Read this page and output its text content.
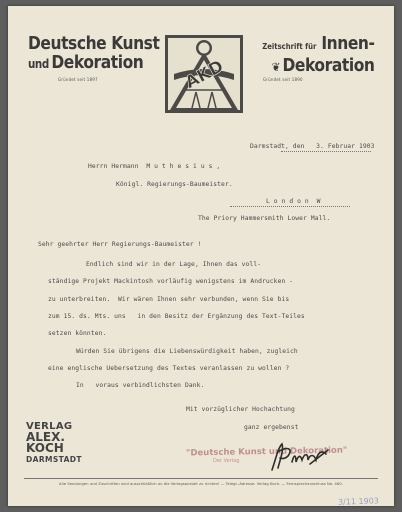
Deutsche Kunst
und Dekoration
Gründet seit 1897	AKD
Zeitschrift für Innen-
❦ Dekoration
Gründet seit 1890
Darmstadt, den   3. Februar 1903
Herrn Hermann  M u t h e s i u s ,
Königl. Regierungs-Baumeister.
L o n d o n  W
The Priory Hammersmith Lower Mall.
Sehr geehrter Herr Regierungs-Baumeister !
Endlich sind wir in der Lage, Ihnen das voll-
ständige Projekt Mackintosh vorläufig wenigstens im Andrucken -
zu unterbreiten.  Wir wären Ihnen sehr verbunden, wenn Sie bis
zum 15. ds. Mts. uns   in den Besitz der Ergänzung des Text-Teiles
setzen könnten.
Würden Sie übrigens die Liebenswürdigkeit haben, zugleich
eine englische Uebersetzung des Textes veranlassen zu wollen ?
In   voraus verbindlichsten Dank.
Mit vorzüglicher Hochachtung
ganz ergebenst
"Deutsche Kunst und Dekoration"
Der Verlag
VERLAG
ALEX.
KOCH
DARMSTADT
Alle Sendungen und Zuschriften sind ausschließlich an die Verlagsanstalt zu richten! — Telegr.-Adresse: Verlag Koch. — Fernsprechanschluss No. 460.
3/11 1903
